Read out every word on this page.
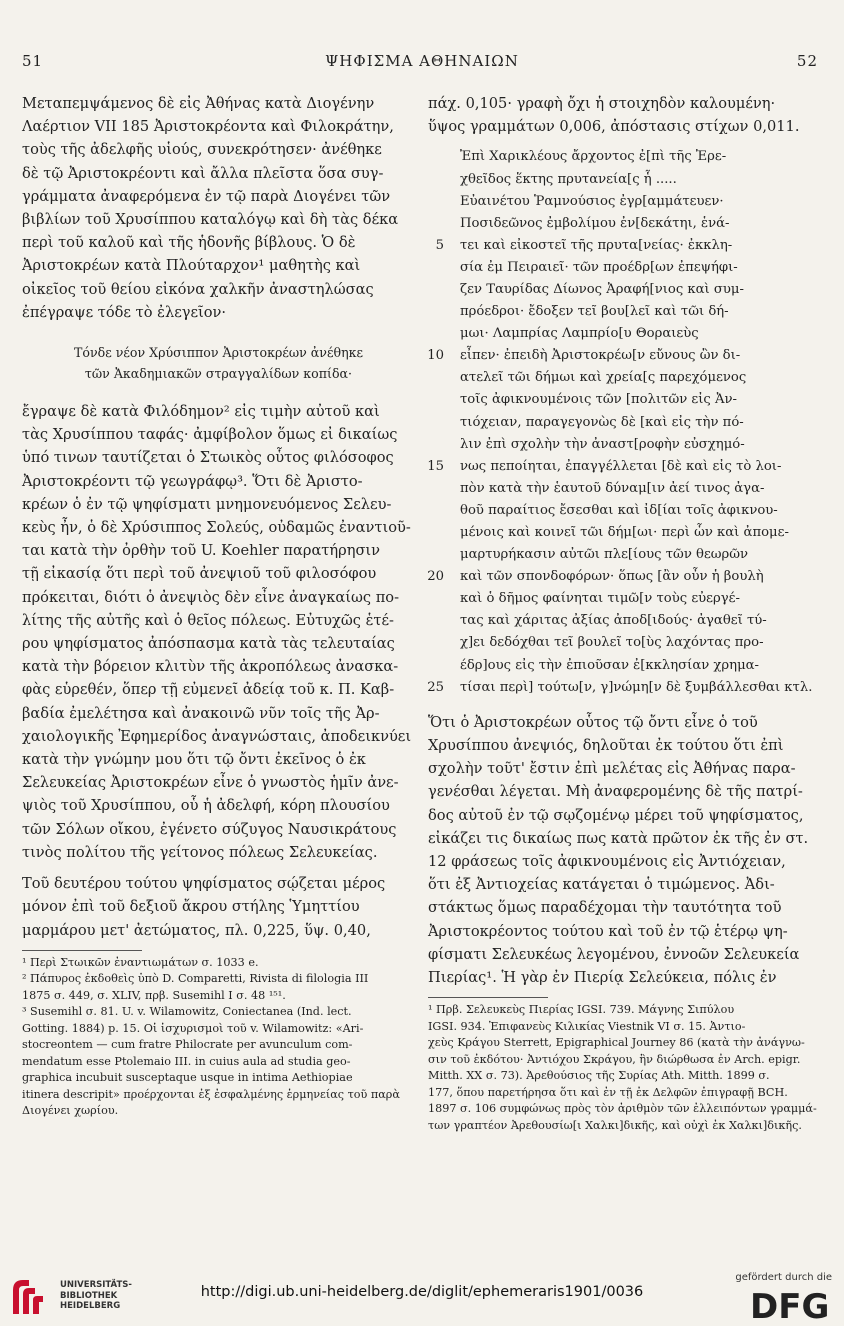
51	ΨΗΦΙΣΜΑ ΑΘΗΝΑΙΩΝ	52
Μεταπεμψάμενος δὲ εἰς Ἀθήνας κατὰ Διογένην
Λαέρτιον VII 185 Ἀριστοκρέοντα καὶ Φιλοκράτην,
τοὺς τῆς ἀδελφῆς υἱούς, συνεκρότησεν· ἀνέθηκε
δὲ τῷ Ἀριστοκρέοντι καὶ ἄλλα πλεῖστα ὅσα συγ-
γράμματα ἀναφερόμενα ἐν τῷ παρὰ Διογένει τῶν
βιβλίων τοῦ Χρυσίππου καταλόγῳ καὶ δὴ τὰς δέκα
περὶ τοῦ καλοῦ καὶ τῆς ἡδονῆς βίβλους. Ὁ δὲ
Ἀριστοκρέων κατὰ Πλούταρχον¹ μαθητὴς καὶ
οἰκεῖος τοῦ θείου εἰκόνα χαλκῆν ἀναστηλώσας
ἐπέγραψε τόδε τὸ ἐλεγεῖον·
Τόνδε νέον Χρύσιππον Ἀριστοκρέων ἀνέθηκε
τῶν Ἀκαδημιακῶν στραγγαλίδων κοπίδα·
ἔγραψε δὲ κατὰ Φιλόδημον² εἰς τιμὴν αὐτοῦ καὶ
τὰς Χρυσίππου ταφάς· ἀμφίβολον ὅμως εἰ δικαίως
ὑπό τινων ταυτίζεται ὁ Στωικὸς οὗτος φιλόσοφος
Ἀριστοκρέοντι τῷ γεωγράφῳ³. Ὅτι δὲ Ἀριστο-
κρέων ὁ ἐν τῷ ψηφίσματι μνημονευόμενος Σελευ-
κεὺς ἦν, ὁ δὲ Χρύσιππος Σολεύς, οὐδαμῶς ἐναντιοῦ-
ται κατὰ τὴν ὀρθὴν τοῦ U. Koehler παρατήρησιν
τῇ εἰκασίᾳ ὅτι περὶ τοῦ ἀνεψιοῦ τοῦ φιλοσόφου
πρόκειται, διότι ὁ ἀνεψιὸς δὲν εἶνε ἀναγκαίως πο-
λίτης τῆς αὐτῆς καὶ ὁ θεῖος πόλεως. Εὐτυχῶς ἑτέ-
ρου ψηφίσματος ἀπόσπασμα κατὰ τὰς τελευταίας
κατὰ τὴν βόρειον κλιτὺν τῆς ἀκροπόλεως ἀνασκα-
φὰς εὑρεθέν, ὅπερ τῇ εὐμενεῖ ἀδείᾳ τοῦ κ. Π. Καβ-
βαδία ἐμελέτησα καὶ ἀνακοινῶ νῦν τοῖς τῆς Ἀρ-
χαιολογικῆς Ἐφημερίδος ἀναγνώσταις, ἀποδεικνύει
κατὰ τὴν γνώμην μου ὅτι τῷ ὄντι ἐκεῖνος ὁ ἐκ
Σελευκείας Ἀριστοκρέων εἶνε ὁ γνωστὸς ἡμῖν ἀνε-
ψιὸς τοῦ Χρυσίππου, οὗ ἡ ἀδελφή, κόρη πλουσίου
τῶν Σόλων οἴκου, ἐγένετο σύζυγος Ναυσικράτους
τινὸς πολίτου τῆς γείτονος πόλεως Σελευκείας.
Τοῦ δευτέρου τούτου ψηφίσματος σῴζεται μέρος
μόνον ἐπὶ τοῦ δεξιοῦ ἄκρου στήλης Ὑμηττίου
μαρμάρου μετ' ἀετώματος, πλ. 0,225, ὕψ. 0,40,
¹ Περὶ Στωικῶν ἐναντιωμάτων σ. 1033 e.
² Πάπυρος ἐκδοθεὶς ὑπὸ D. Comparetti, Rivista di filologia III
1875 σ. 449, σ. XLIV, πρβ. Susemihl I σ. 48 ¹⁵¹.
³ Susemihl σ. 81. U. v. Wilamowitz, Coniectanea (Ind. lect.
Gotting. 1884) p. 15. Οἱ ἰσχυρισμοὶ τοῦ v. Wilamowitz: «Ari-
stocreontem — cum fratre Philocrate per avunculum com-
mendatum esse Ptolemaio III. in cuius aula ad studia geo-
graphica incubuit susceptaque usque in intima Aethiopiae
itinera descripit» προέρχονται ἐξ ἐσφαλμένης ἑρμηνείας τοῦ παρὰ
Διογένει χωρίου.
πάχ. 0,105· γραφὴ ὄχι ἡ στοιχηδὸν καλουμένη·
ὕψος γραμμάτων 0,006, ἀπόστασις στίχων 0,011.
Ἐπὶ Χαρικλέους ἄρχοντος ἐ[πὶ τῆς Ἐρε-
χθεῖδος ἕκτης πρυτανεία[ς ἧ .....
Εὐαινέτου Ῥαμνούσιος ἐγρ[αμμάτευεν·
Ποσιδεῶνος ἐμβολίμου ἐν[δεκάτηι, ἑνά-
5 τει καὶ εἰκοστεῖ τῆς πρυτα[νείας· ἐκκλη-
σία ἐμ Πειραιεῖ· τῶν προέδρ[ων ἐπεψήφι-
ζεν Ταυρίδας Δίωνος Ἀραφή[νιος καὶ συμ-
πρόεδροι· ἔδοξεν τεῖ βου[λεῖ καὶ τῶι δή-
μωι· Λαμπρίας Λαμπρίο[υ Θοραιεὺς
10 εἶπεν· ἐπειδὴ Ἀριστοκρέω[ν εὔνους ὢν δι-
ατελεῖ τῶι δήμωι καὶ χρεία[ς παρεχόμενος
τοῖς ἀφικνουμένοις τῶν [πολιτῶν εἰς Ἀν-
τιόχειαν, παραγεγονὼς δὲ [καὶ εἰς τὴν πό-
λιν ἐπὶ σχολὴν τὴν ἀναστ[ροφὴν εὐσχημό-
15 νως πεποίηται, ἐπαγγέλλεται [δὲ καὶ εἰς τὸ λοι-
πὸν κατὰ τὴν ἑαυτοῦ δύναμ[ιν ἀεί τινος ἀγα-
θοῦ παραίτιος ἔσεσθαι καὶ ἰδ[ίαι τοῖς ἀφικνου-
μένοις καὶ κοινεῖ τῶι δήμ[ωι· περὶ ὧν καὶ ἀπομε-
μαρτυρήκασιν αὐτῶι πλε[ίους τῶν θεωρῶν
20 καὶ τῶν σπονδοφόρων· ὅπως [ἂν οὖν ἡ βουλὴ
καὶ ὁ δῆμος φαίνηται τιμῶ[ν τοὺς εὐεργέ-
τας καὶ χάριτας ἀξίας ἀποδ[ιδούς· ἀγαθεῖ τύ-
χ]ει δεδόχθαι τεῖ βουλεῖ το[ὺς λαχόντας προ-
έδρ]ους εἰς τὴν ἐπιοῦσαν ἐ[κκλησίαν χρημα-
25 τίσαι περὶ] τούτω[ν, γ]νώμη[ν δὲ ξυμβάλλεσθαι κτλ.
Ὅτι ὁ Ἀριστοκρέων οὗτος τῷ ὄντι εἶνε ὁ τοῦ
Χρυσίππου ἀνεψιός, δηλοῦται ἐκ τούτου ὅτι ἐπὶ
σχολὴν τοῦτ' ἔστιν ἐπὶ μελέτας εἰς Ἀθήνας παρα-
γενέσθαι λέγεται. Μὴ ἀναφερομένης δὲ τῆς πατρί-
δος αὐτοῦ ἐν τῷ σῳζομένῳ μέρει τοῦ ψηφίσματος,
εἰκάζει τις δικαίως πως κατὰ πρῶτον ἐκ τῆς ἐν στ.
12 φράσεως τοῖς ἀφικνουμένοις εἰς Ἀντιόχειαν,
ὅτι ἐξ Ἀντιοχείας κατάγεται ὁ τιμώμενος. Ἀδι-
στάκτως ὅμως παραδέχομαι τὴν ταυτότητα τοῦ
Ἀριστοκρέοντος τούτου καὶ τοῦ ἐν τῷ ἑτέρῳ ψη-
φίσματι Σελευκέως λεγομένου, ἐννοῶν Σελευκεία
Πιερίας¹. Ἡ γὰρ ἐν Πιερίᾳ Σελεύκεια, πόλις ἐν
¹ Πρβ. Σελευκεὺς Πιερίας IGSI. 739. Μάγνης Σιπύλου
IGSI. 934. Ἐπιφανεὺς Κιλικίας Viestnik VI σ. 15. Ἀντιο-
χεὺς Κράγου Sterrett, Epigraphical Journey 86 (κατὰ τὴν ἀνάγνω-
σιν τοῦ ἐκδότου· Ἀντιόχου Σκράγου, ἣν διώρθωσα ἐν Arch. epigr.
Mitth. XX σ. 73). Ἀρεθούσιος τῆς Συρίας Ath. Mitth. 1899 σ.
177, ὅπου παρετήρησα ὅτι καὶ ἐν τῇ ἐκ Δελφῶν ἐπιγραφῇ BCH.
1897 σ. 106 συμφώνως πρὸς τὸν ἀριθμὸν τῶν ἐλλειπόντων γραμμά-
των γραπτέον Ἀρεθουσίω[ι Χαλκι]δικῆς, καὶ οὐχὶ ἐκ Χαλκι]δικῆς.
UNIVERSITÄTS-
BIBLIOTHEK
HEIDELBERG
http://digi.ub.uni-heidelberg.de/diglit/ephemeraris1901/0036
gefördert durch die
DFG
